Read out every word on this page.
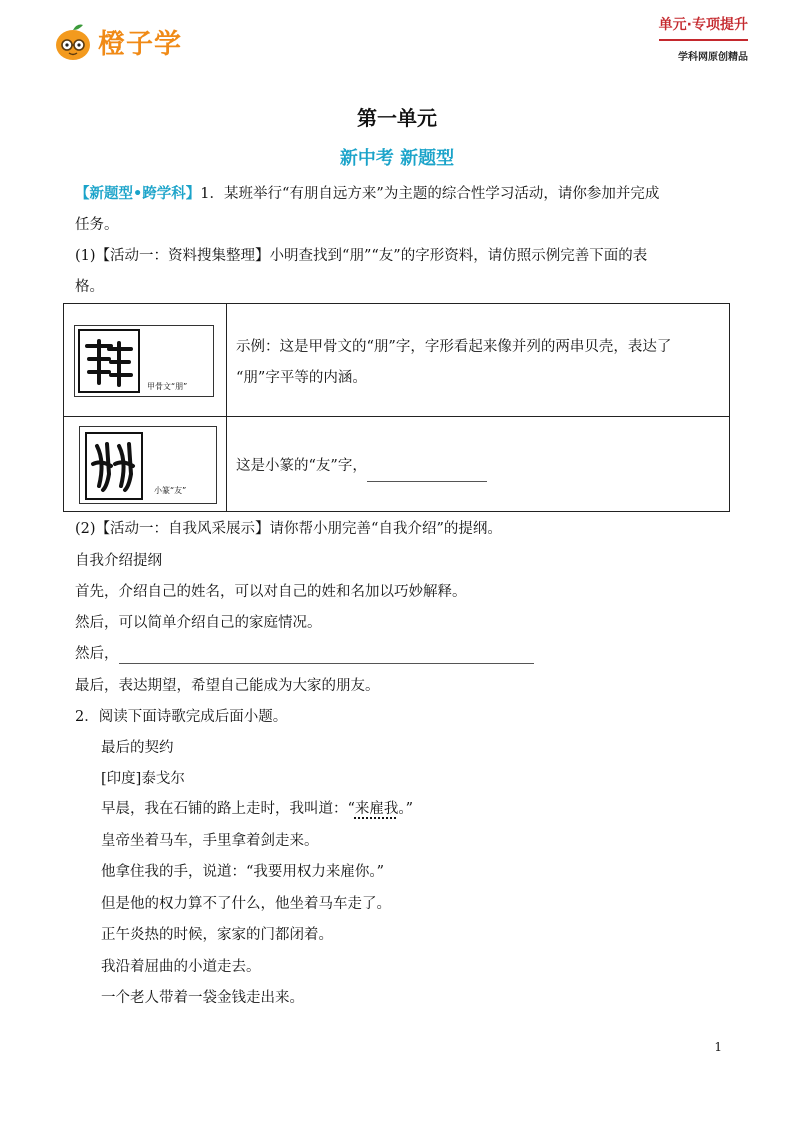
橙子学
单元·专项提升
学科网原创精品
第一单元
新中考 新题型
【新题型•跨学科】1．某班举行“有朋自远方来”为主题的综合性学习活动，请你参加并完成
任务。
(1)【活动一：资料搜集整理】小明查找到“朋”“友”的字形资料，请仿照示例完善下面的表
格。
甲骨文“朋”
示例：这是甲骨文的“朋”字，字形看起来像并列的两串贝壳，表达了
“朋”字平等的内涵。
小篆“友”
这是小篆的“友”字，
(2)【活动一：自我风采展示】请你帮小朋完善“自我介绍”的提纲。
自我介绍提纲
首先，介绍自己的姓名，可以对自己的姓和名加以巧妙解释。
然后，可以简单介绍自己的家庭情况。
然后，
最后，表达期望，希望自己能成为大家的朋友。
2．阅读下面诗歌完成后面小题。
最后的契约
[印度]泰戈尔
早晨，我在石铺的路上走时，我叫道：“来雇我。”
皇帝坐着马车，手里拿着剑走来。
他拿住我的手，说道：“我要用权力来雇你。”
但是他的权力算不了什么，他坐着马车走了。
正午炎热的时候，家家的门都闭着。
我沿着屈曲的小道走去。
一个老人带着一袋金钱走出来。
1
